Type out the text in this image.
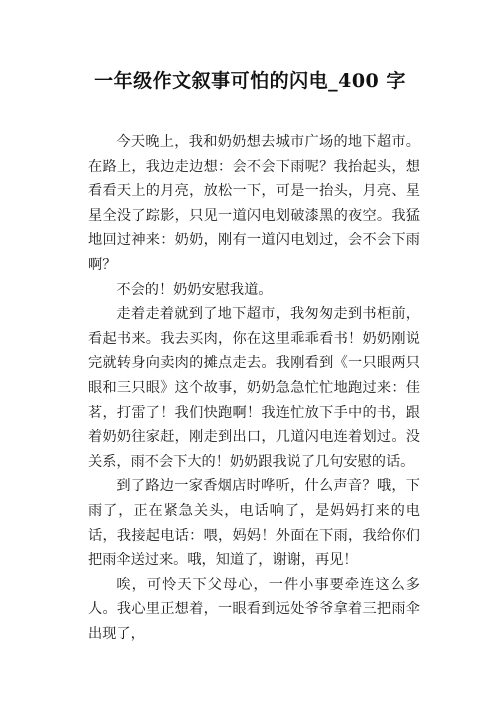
一年级作文叙事可怕的闪电_400 字

今天晚上，我和奶奶想去城市广场的地下超市。在路上，我边走边想：会不会下雨呢？我抬起头，想看看天上的月亮，放松一下，可是一抬头，月亮、星星全没了踪影，只见一道闪电划破漆黑的夜空。我猛地回过神来：奶奶，刚有一道闪电划过，会不会下雨啊？

不会的！奶奶安慰我道。

走着走着就到了地下超市，我匆匆走到书柜前，看起书来。我去买肉，你在这里乖乖看书！奶奶刚说完就转身向卖肉的摊点走去。我刚看到《一只眼两只眼和三只眼》这个故事，奶奶急急忙忙地跑过来：佳茗，打雷了！我们快跑啊！我连忙放下手中的书，跟着奶奶往家赶，刚走到出口，几道闪电连着划过。没关系，雨不会下大的！奶奶跟我说了几句安慰的话。

到了路边一家香烟店时哗听，什么声音？哦，下雨了，正在紧急关头，电话响了，是妈妈打来的电话，我接起电话：喂，妈妈！外面在下雨，我给你们把雨伞送过来。哦，知道了，谢谢，再见！

唉，可怜天下父母心，一件小事要牵连这么多人。我心里正想着，一眼看到远处爷爷拿着三把雨伞出现了，
